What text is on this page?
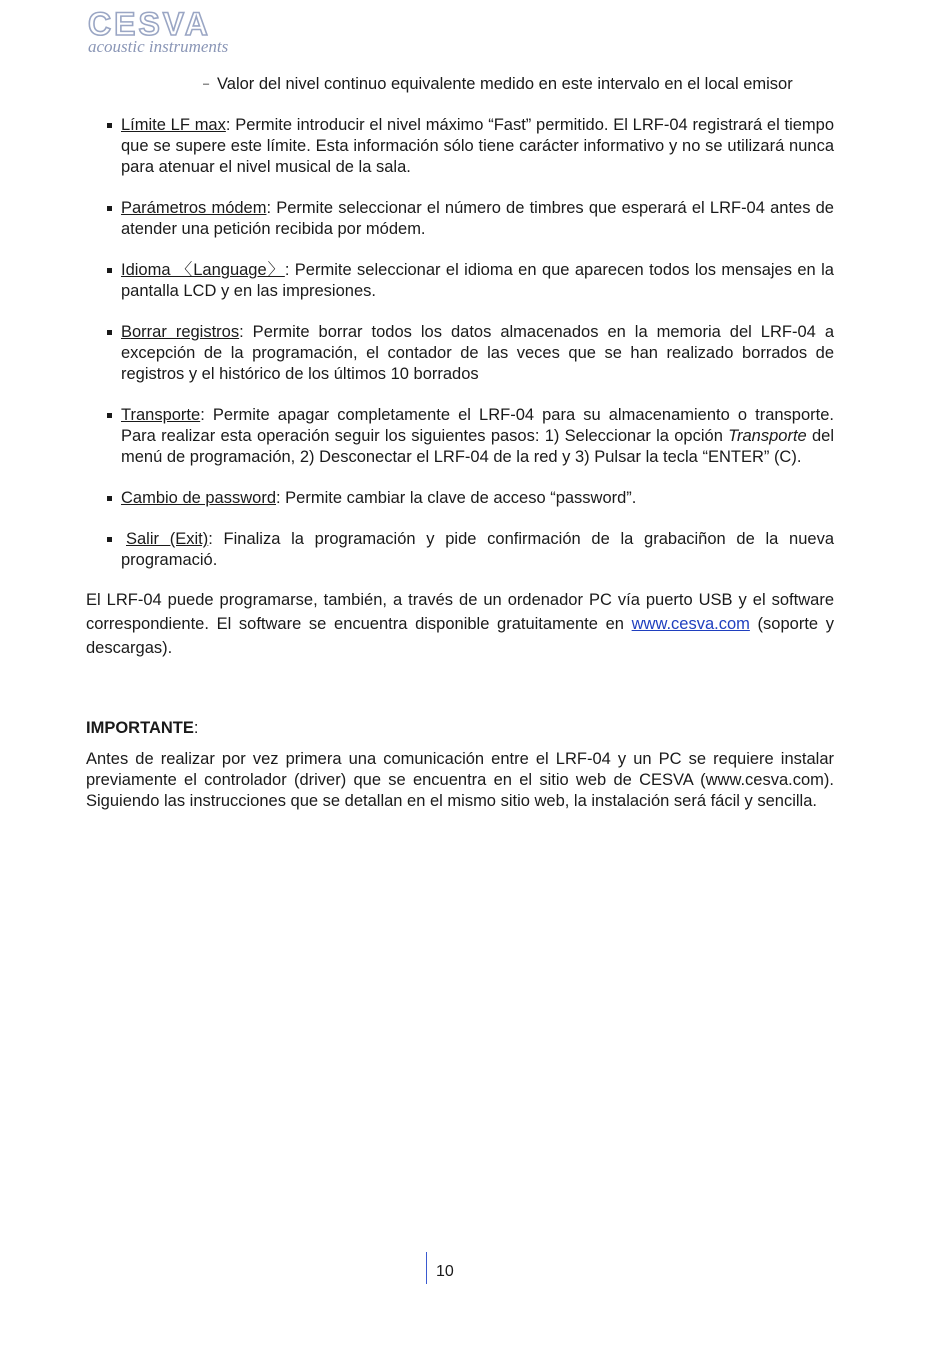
CESVA
acoustic instruments
– Valor del nivel continuo equivalente medido en este intervalo en el local emisor
Límite LF max: Permite introducir el nivel máximo “Fast” permitido. El LRF-04 registrará el tiempo que se supere este límite. Esta información sólo tiene carácter informativo y no se utilizará nunca para atenuar el nivel musical de la sala.
Parámetros módem: Permite seleccionar el número de timbres que esperará el LRF-04 antes de atender una petición recibida por módem.
Idioma 〈Language〉: Permite seleccionar el idioma en que aparecen todos los mensajes en la pantalla LCD y en las impresiones.
Borrar registros: Permite borrar todos los datos almacenados en la memoria del LRF-04 a excepción de la programación, el contador de las veces que se han realizado borrados de registros y el histórico de los últimos 10 borrados
Transporte: Permite apagar completamente el LRF-04 para su almacenamiento o transporte. Para realizar esta operación seguir los siguientes pasos: 1) Seleccionar la opción Transporte del menú de programación, 2) Desconectar el LRF-04 de la red y 3) Pulsar la tecla “ENTER” (C).
Cambio de password: Permite cambiar la clave de acceso “password”.
Salir (Exit): Finaliza la programación y pide confirmación de la grabaciñon de la nueva programació.
El LRF-04 puede programarse, también, a través de un ordenador PC vía puerto USB y el software correspondiente. El software se encuentra disponible gratuitamente en www.cesva.com (soporte y descargas).
IMPORTANTE:
Antes de realizar por vez primera una comunicación entre el LRF-04 y un PC se requiere instalar previamente el controlador (driver) que se encuentra en el sitio web de CESVA (www.cesva.com). Siguiendo las instrucciones que se detallan en el mismo sitio web, la instalación será fácil y sencilla.
10
